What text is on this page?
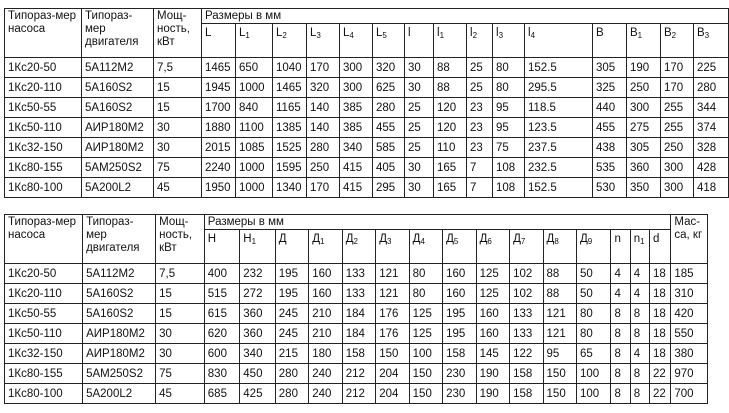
Типораз-мер насоса	Типораз-мер двигателя	Мощ-ность, кВт	Размеры в мм														
			L	$L_1$	$L_2$	$L_3$	$L_4$	$L_5$	l	$l_1$	$l_2$	$l_3$	$l_4$	B	$B_1$	$B_2$	$B_3$
1Кс20-50	5А112М2	7,5	1465	650	1040	170	300	320	30	88	25	80	152.5	305	190	170	225
1Кс20-110	5А160S2	15	1945	1000	1465	320	300	625	30	88	25	80	295.5	325	250	170	280
1Кс50-55	5А160S2	15	1700	840	1165	140	385	280	25	120	23	95	118.5	440	300	255	344
1Кс50-110	АИР180М2	30	1880	1100	1385	140	385	455	25	120	23	95	123.5	455	275	255	374
1Кс32-150	АИР180М2	30	2015	1085	1525	280	340	585	25	110	23	75	237.5	438	305	250	328
1Кс80-155	5АМ250S2	75	2240	1000	1595	250	415	405	30	165	7	108	232.5	535	360	300	428
1Кс80-100	5А200L2	45	1950	1000	1340	170	415	295	30	165	7	108	152.5	530	350	300	418
Типораз-мер насоса	Типораз-мер двигателя	Мощ-ность, кВт	Размеры в мм															Мас-са, кг
			H	$H_1$	Д	$Д_1$	$Д_2$	$Д_3$	$Д_4$	$Д_5$	$Д_6$	$Д_7$	$Д_8$	$Д_9$	n	$n_1$	d	
1Кс20-50	5А112М2	7,5	400	232	195	160	133	121	80	160	125	102	88	50	4	4	18	185
1Кс20-110	5А160S2	15	515	272	195	160	133	121	80	160	125	102	88	50	4	4	18	310
1Кс50-55	5А160S2	15	615	360	245	210	184	176	125	195	160	133	121	80	8	8	18	420
1Кс50-110	АИР180М2	30	620	360	245	210	184	176	125	195	160	133	121	80	8	8	18	550
1Кс32-150	АИР180М2	30	600	340	215	180	158	150	100	158	145	122	95	65	8	4	18	380
1Кс80-155	5АМ250S2	75	830	450	280	240	212	204	150	230	190	158	150	100	8	8	22	970
1Кс80-100	5А200L2	45	685	425	280	240	212	204	150	230	190	158	150	100	8	8	22	700
